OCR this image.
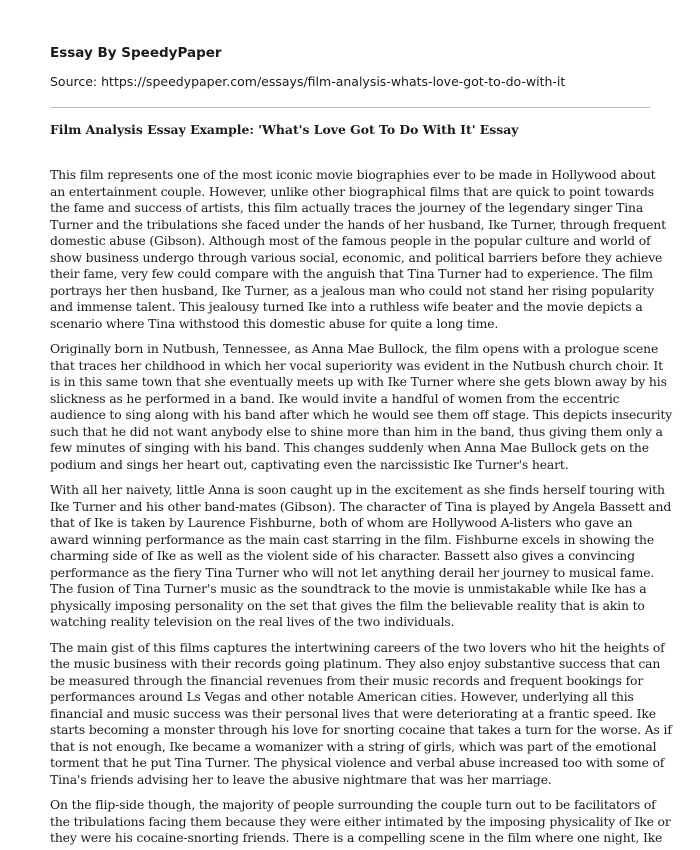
Essay By SpeedyPaper
Source: https://speedypaper.com/essays/film-analysis-whats-love-got-to-do-with-it
Film Analysis Essay Example: 'What's Love Got To Do With It' Essay
This film represents one of the most iconic movie biographies ever to be made in Hollywood about
an entertainment couple. However, unlike other biographical films that are quick to point towards
the fame and success of artists, this film actually traces the journey of the legendary singer Tina
Turner and the tribulations she faced under the hands of her husband, Ike Turner, through frequent
domestic abuse (Gibson). Although most of the famous people in the popular culture and world of
show business undergo through various social, economic, and political barriers before they achieve
their fame, very few could compare with the anguish that Tina Turner had to experience. The film
portrays her then husband, Ike Turner, as a jealous man who could not stand her rising popularity
and immense talent. This jealousy turned Ike into a ruthless wife beater and the movie depicts a
scenario where Tina withstood this domestic abuse for quite a long time.
Originally born in Nutbush, Tennessee, as Anna Mae Bullock, the film opens with a prologue scene
that traces her childhood in which her vocal superiority was evident in the Nutbush church choir. It
is in this same town that she eventually meets up with Ike Turner where she gets blown away by his
slickness as he performed in a band. Ike would invite a handful of women from the eccentric
audience to sing along with his band after which he would see them off stage. This depicts insecurity
such that he did not want anybody else to shine more than him in the band, thus giving them only a
few minutes of singing with his band. This changes suddenly when Anna Mae Bullock gets on the
podium and sings her heart out, captivating even the narcissistic Ike Turner's heart.
With all her naivety, little Anna is soon caught up in the excitement as she finds herself touring with
Ike Turner and his other band-mates (Gibson). The character of Tina is played by Angela Bassett and
that of Ike is taken by Laurence Fishburne, both of whom are Hollywood A-listers who gave an
award winning performance as the main cast starring in the film. Fishburne excels in showing the
charming side of Ike as well as the violent side of his character. Bassett also gives a convincing
performance as the fiery Tina Turner who will not let anything derail her journey to musical fame.
The fusion of Tina Turner's music as the soundtrack to the movie is unmistakable while Ike has a
physically imposing personality on the set that gives the film the believable reality that is akin to
watching reality television on the real lives of the two individuals.
The main gist of this films captures the intertwining careers of the two lovers who hit the heights of
the music business with their records going platinum. They also enjoy substantive success that can
be measured through the financial revenues from their music records and frequent bookings for
performances around Ls Vegas and other notable American cities. However, underlying all this
financial and music success was their personal lives that were deteriorating at a frantic speed. Ike
starts becoming a monster through his love for snorting cocaine that takes a turn for the worse. As if
that is not enough, Ike became a womanizer with a string of girls, which was part of the emotional
torment that he put Tina Turner. The physical violence and verbal abuse increased too with some of
Tina's friends advising her to leave the abusive nightmare that was her marriage.
On the flip-side though, the majority of people surrounding the couple turn out to be facilitators of
the tribulations facing them because they were either intimated by the imposing physicality of Ike or
they were his cocaine-snorting friends. There is a compelling scene in the film where one night, Ike
